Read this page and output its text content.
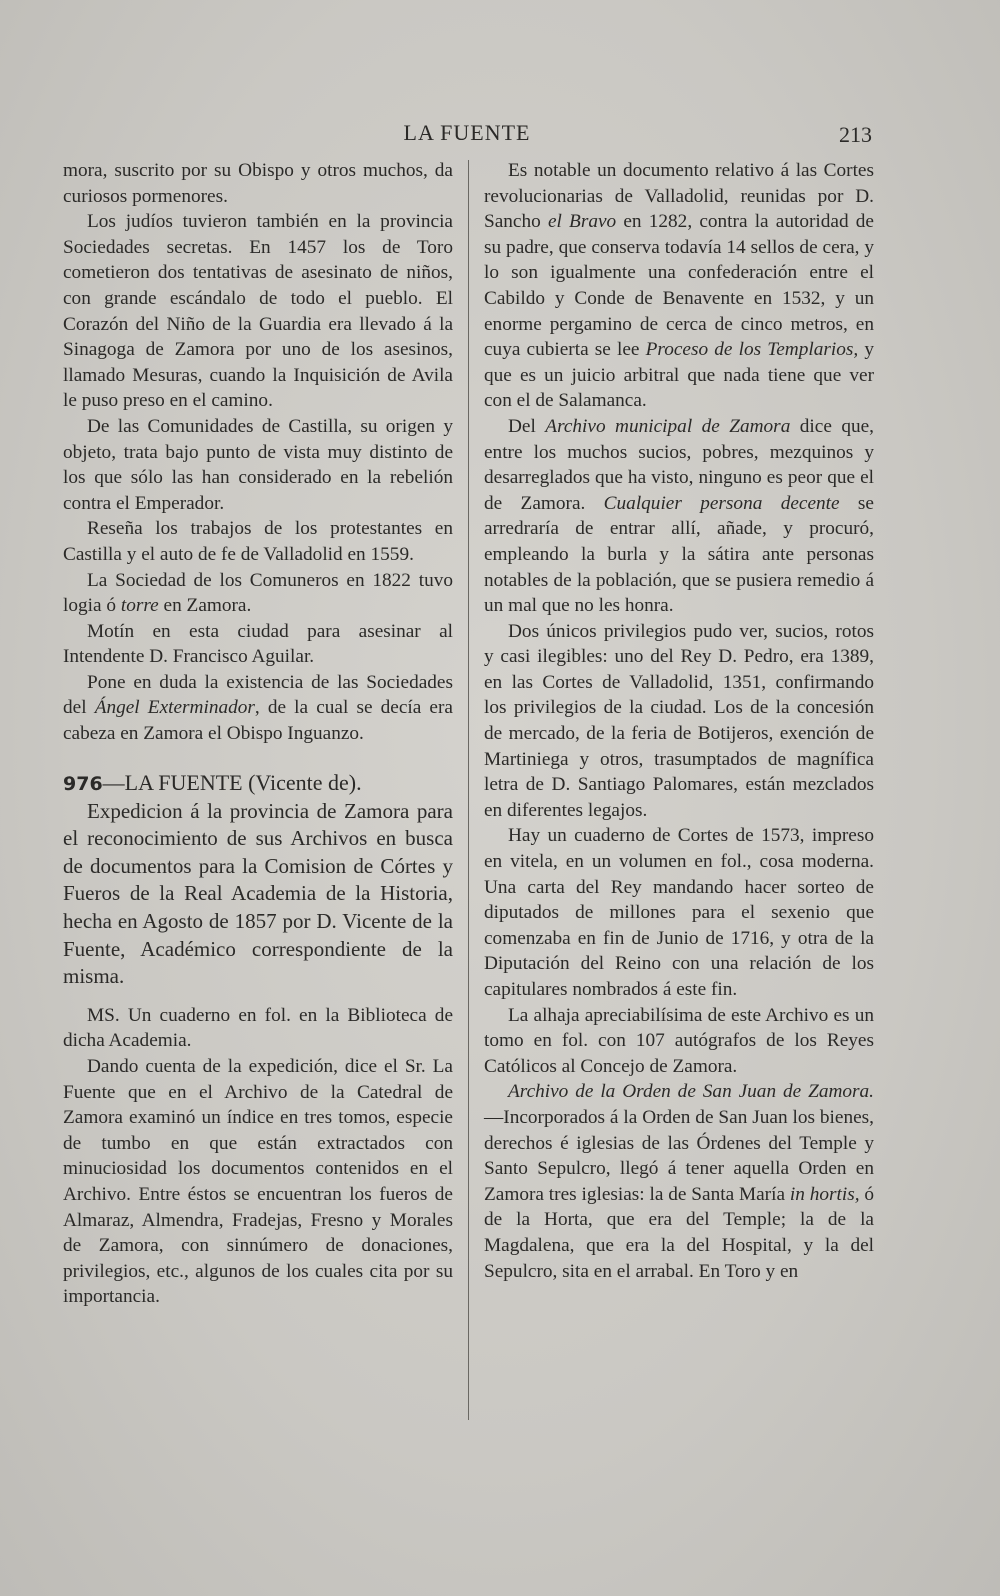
LA FUENTE	213

mora, suscrito por su Obispo y otros muchos, da curiosos pormenores.

Los judíos tuvieron también en la provincia Sociedades secretas. En 1457 los de Toro cometieron dos tentativas de asesinato de niños, con grande escándalo de todo el pueblo. El Corazón del Niño de la Guardia era llevado á la Sinagoga de Zamora por uno de los asesinos, llamado Mesuras, cuando la Inquisición de Avila le puso preso en el camino.

De las Comunidades de Castilla, su origen y objeto, trata bajo punto de vista muy distinto de los que sólo las han considerado en la rebelión contra el Emperador.

Reseña los trabajos de los protestantes en Castilla y el auto de fe de Valladolid en 1559.

La Sociedad de los Comuneros en 1822 tuvo logia ó torre en Zamora.

Motín en esta ciudad para asesinar al Intendente D. Francisco Aguilar.

Pone en duda la existencia de las Sociedades del Ángel Exterminador, de la cual se decía era cabeza en Zamora el Obispo Inguanzo.

976—LA FUENTE (Vicente de).

Expedicion á la provincia de Zamora para el reconocimiento de sus Archivos en busca de documentos para la Comision de Córtes y Fueros de la Real Academia de la Historia, hecha en Agosto de 1857 por D. Vicente de la Fuente, Académico correspondiente de la misma.

MS. Un cuaderno en fol. en la Biblioteca de dicha Academia.

Dando cuenta de la expedición, dice el Sr. La Fuente que en el Archivo de la Catedral de Zamora examinó un índice en tres tomos, especie de tumbo en que están extractados con minuciosidad los documentos contenidos en el Archivo. Entre éstos se encuentran los fueros de Almaraz, Almendra, Fradejas, Fresno y Morales de Zamora, con sinnúmero de donaciones, privilegios, etc., algunos de los cuales cita por su importancia.

Es notable un documento relativo á las Cortes revolucionarias de Valladolid, reunidas por D. Sancho el Bravo en 1282, contra la autoridad de su padre, que conserva todavía 14 sellos de cera, y lo son igualmente una confederación entre el Cabildo y Conde de Benavente en 1532, y un enorme pergamino de cerca de cinco metros, en cuya cubierta se lee Proceso de los Templarios, y que es un juicio arbitral que nada tiene que ver con el de Salamanca.

Del Archivo municipal de Zamora dice que, entre los muchos sucios, pobres, mezquinos y desarreglados que ha visto, ninguno es peor que el de Zamora. Cualquier persona decente se arredraría de entrar allí, añade, y procuró, empleando la burla y la sátira ante personas notables de la población, que se pusiera remedio á un mal que no les honra.

Dos únicos privilegios pudo ver, sucios, rotos y casi ilegibles: uno del Rey D. Pedro, era 1389, en las Cortes de Valladolid, 1351, confirmando los privilegios de la ciudad. Los de la concesión de mercado, de la feria de Botijeros, exención de Martiniega y otros, trasumptados de magnífica letra de D. Santiago Palomares, están mezclados en diferentes legajos.

Hay un cuaderno de Cortes de 1573, impreso en vitela, en un volumen en fol., cosa moderna. Una carta del Rey mandando hacer sorteo de diputados de millones para el sexenio que comenzaba en fin de Junio de 1716, y otra de la Diputación del Reino con una relación de los capitulares nombrados á este fin.

La alhaja apreciabilísima de este Archivo es un tomo en fol. con 107 autógrafos de los Reyes Católicos al Concejo de Zamora.

Archivo de la Orden de San Juan de Zamora.—Incorporados á la Orden de San Juan los bienes, derechos é iglesias de las Órdenes del Temple y Santo Sepulcro, llegó á tener aquella Orden en Zamora tres iglesias: la de Santa María in hortis, ó de la Horta, que era del Temple; la de la Magdalena, que era la del Hospital, y la del Sepulcro, sita en el arrabal. En Toro y en
